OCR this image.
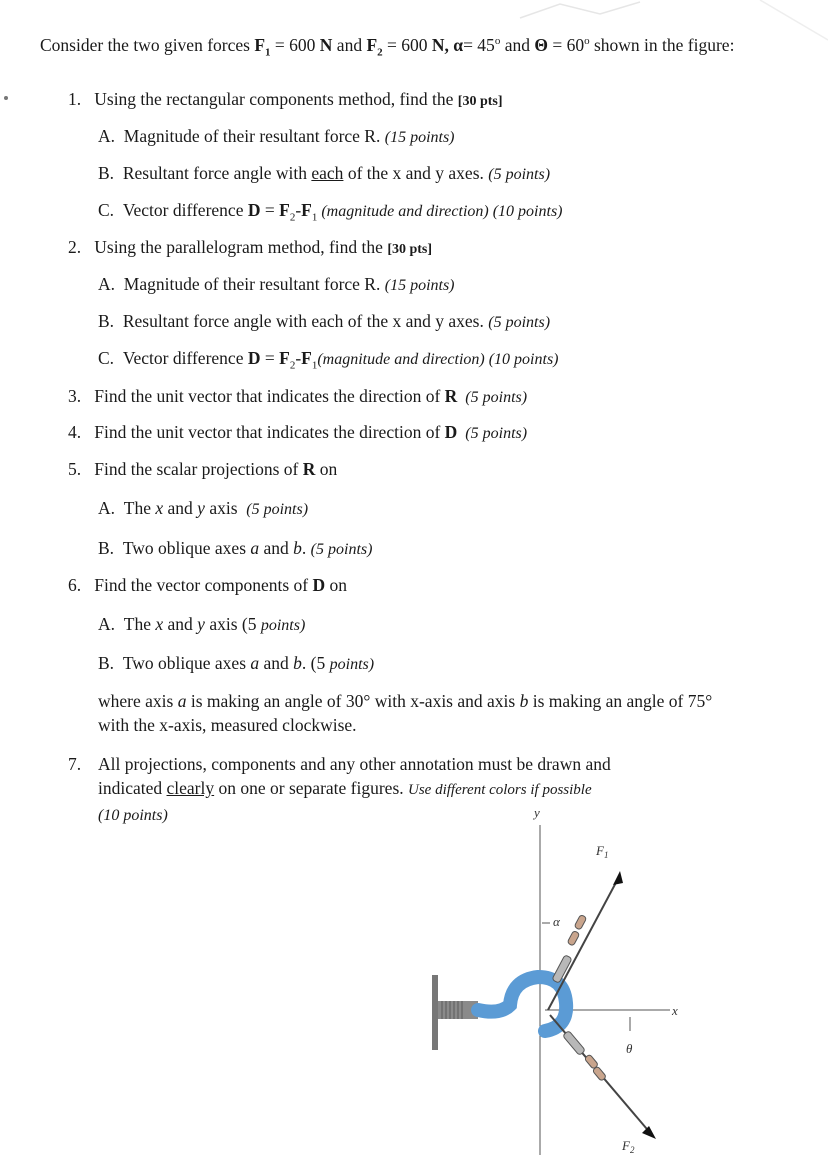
Consider the two given forces $F_1 = 600$ N and $F_2 = 600$ N, $\alpha= 45^o$ and $\Theta = 60^o$ shown in the figure:
1. Using the rectangular components method, find the [30 pts]
A. Magnitude of their resultant force R. (15 points)
B. Resultant force angle with each of the x and y axes. (5 points)
C. Vector difference $D = F_2-F_1$ (magnitude and direction) (10 points)
2. Using the parallelogram method, find the [30 pts]
A. Magnitude of their resultant force R. (15 points)
B. Resultant force angle with each of the x and y axes. (5 points)
C. Vector difference $D = F_2-F_1(magnitude$ and direction) (10 points)
3. Find the unit vector that indicates the direction of R  (5 points)
4. Find the unit vector that indicates the direction of D  (5 points)
5. Find the scalar projections of R on
A. The x and y axis  (5 points)
B. Two oblique axes a and b. (5 points)
6. Find the vector components of D on
A. The x and y axis (5 points)
B. Two oblique axes a and b. (5 points)
where axis a is making an angle of 30° with x-axis and axis b is making an angle of 75° with the x-axis, measured clockwise.
7. All projections, components and any other annotation must be drawn and indicated clearly on one or separate figures. Use different colors if possible
(10 points)	y
x
$F_1$
α
$F_2$
θ
